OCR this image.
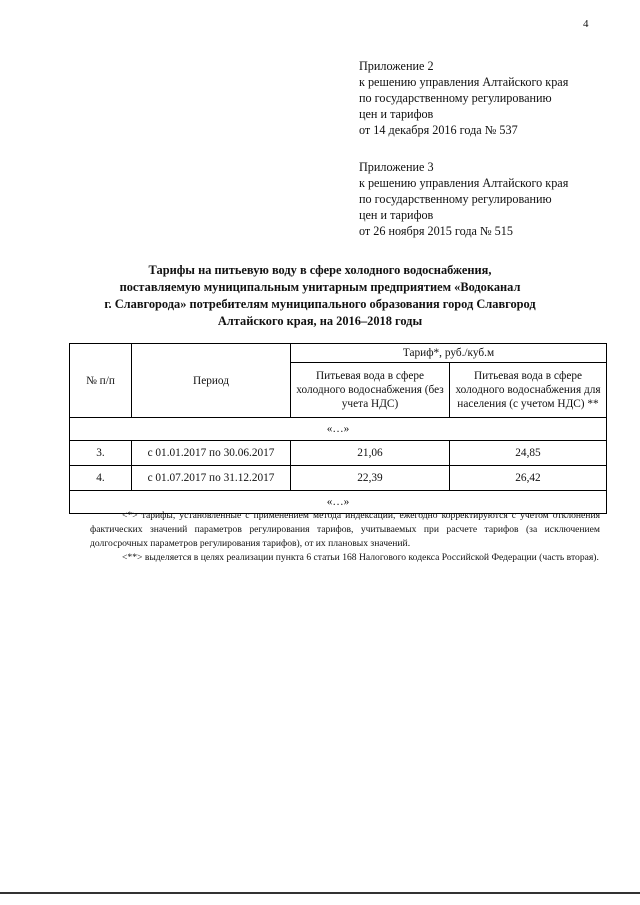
4
Приложение 2
к решению управления Алтайского края
по государственному регулированию
цен и тарифов
от 14 декабря 2016 года № 537
Приложение 3
к решению управления Алтайского края
по государственному регулированию
цен и тарифов
от 26 ноября 2015 года № 515
Тарифы на питьевую воду в сфере холодного водоснабжения,
поставляемую муниципальным унитарным предприятием «Водоканал
г. Славгорода» потребителям муниципального образования город Славгород
Алтайского края, на 2016–2018 годы
№ п/п	Период	Тариф*, руб./куб.м	
		Питьевая вода в сфере холодного водоснабжения (без учета НДС)	Питьевая вода в сфере холодного водоснабжения для населения (с учетом НДС) **
«…»			
3.	с 01.01.2017 по 30.06.2017	21,06	24,85
4.	с 01.07.2017 по 31.12.2017	22,39	26,42
«…»			

<*> тарифы, установленные с применением метода индексации, ежегодно корректируются с учетом отклонения фактических значений параметров регулирования тарифов, учитываемых при расчете тарифов (за исключением долгосрочных параметров регулирования тарифов), от их плановых значений.

<**> выделяется в целях реализации пункта 6 статьи 168 Налогового кодекса Российской Федерации (часть вторая).
